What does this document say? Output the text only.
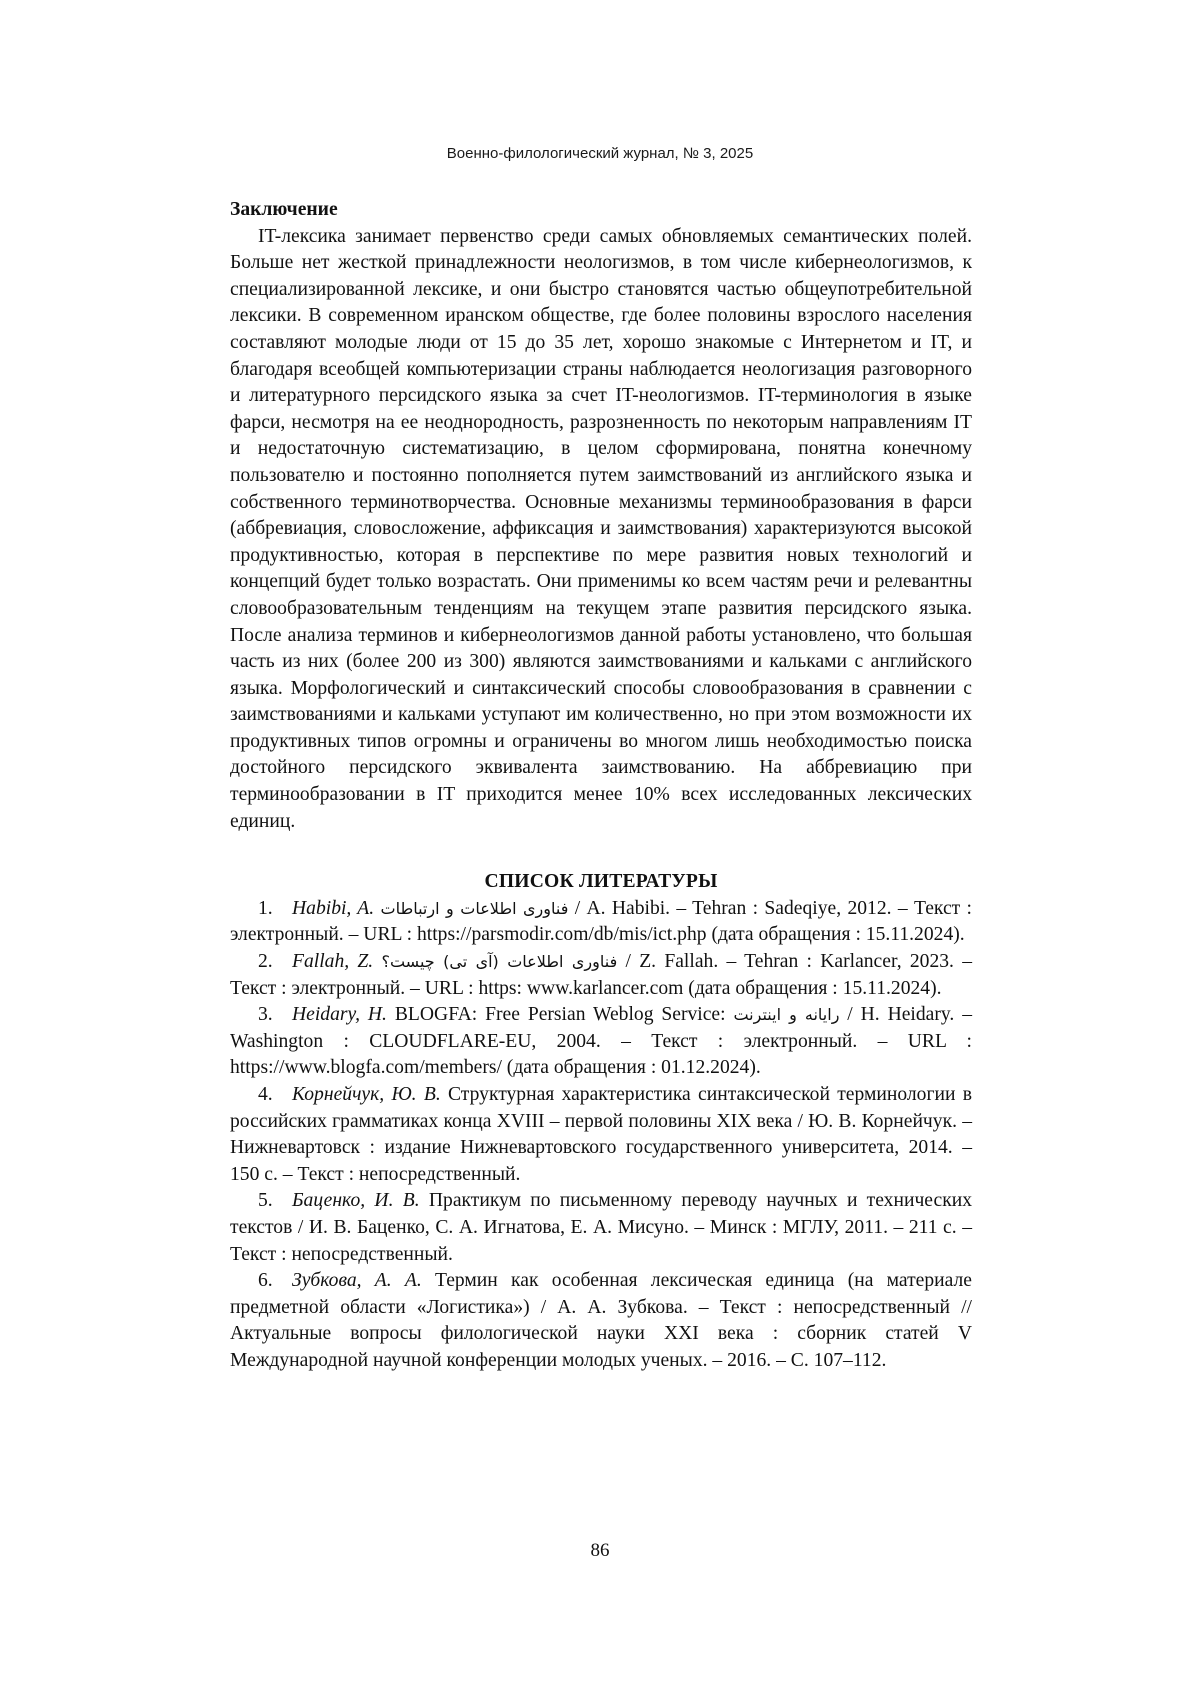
Военно-филологический журнал, № 3, 2025

Заключение

IT-лексика занимает первенство среди самых обновляемых семантических полей. Больше нет жесткой принадлежности неологизмов, в том числе кибернеологизмов, к специализированной лексике, и они быстро становятся частью общеупотребительной лексики. В современном иранском обществе, где более половины взрослого населения составляют молодые люди от 15 до 35 лет, хорошо знакомые с Интернетом и IT, и благодаря всеобщей компьютеризации страны наблюдается неологизация разговорного и литературного персидского языка за счет IT-неологизмов. IT-терминология в языке фарси, несмотря на ее неоднородность, разрозненность по некоторым направлениям IT и недостаточную систематизацию, в целом сформирована, понятна конечному пользователю и постоянно пополняется путем заимствований из английского языка и собственного терминотворчества. Основные механизмы терминообразования в фарси (аббревиация, словосложение, аффиксация и заимствования) характеризуются высокой продуктивностью, которая в перспективе по мере развития новых технологий и концепций будет только возрастать. Они применимы ко всем частям речи и релевантны словообразовательным тенденциям на текущем этапе развития персидского языка. После анализа терминов и кибернеологизмов данной работы установлено, что большая часть из них (более 200 из 300) являются заимствованиями и кальками с английского языка. Морфологический и синтаксический способы словообразования в сравнении с заимствованиями и кальками уступают им количественно, но при этом возможности их продуктивных типов огромны и ограничены во многом лишь необходимостью поиска достойного персидского эквивалента заимствованию. На аббревиацию при терминообразовании в IT приходится менее 10% всех исследованных лексических единиц.

СПИСОК ЛИТЕРАТУРЫ

1. Habibi, A. فناوری اطلاعات و ارتباطات / A. Habibi. – Tehran : Sadeqiye, 2012. – Текст : электронный. – URL : https://parsmodir.com/db/mis/ict.php (дата обращения : 15.11.2024).

2. Fallah, Z. فناوری اطلاعات (آی تی) چیست؟ / Z. Fallah. – Tehran : Karlancer, 2023. – Текст : электронный. – URL : https: www.karlancer.com (дата обращения : 15.11.2024).

3. Heidary, H. BLOGFA: Free Persian Weblog Service: رایانه و اینترنت / H. Heidary. – Washington : CLOUDFLARE-EU, 2004. – Текст : электронный. – URL : https://www.blogfa.com/members/ (дата обращения : 01.12.2024).

4. Корнейчук, Ю. В. Структурная характеристика синтаксической терминологии в российских грамматиках конца XVIII – первой половины XIX века / Ю. В. Корнейчук. – Нижневартовск : издание Нижневартовского государственного университета, 2014. – 150 с. – Текст : непосредственный.

5. Баценко, И. В. Практикум по письменному переводу научных и технических текстов / И. В. Баценко, С. А. Игнатова, Е. А. Мисуно. – Минск : МГЛУ, 2011. – 211 с. – Текст : непосредственный.

6. Зубкова, А. А. Термин как особенная лексическая единица (на материале предметной области «Логистика») / А. А. Зубкова. – Текст : непосредственный // Актуальные вопросы филологической науки XXI века : сборник статей V Международной научной конференции молодых ученых. – 2016. – С. 107–112.

86
